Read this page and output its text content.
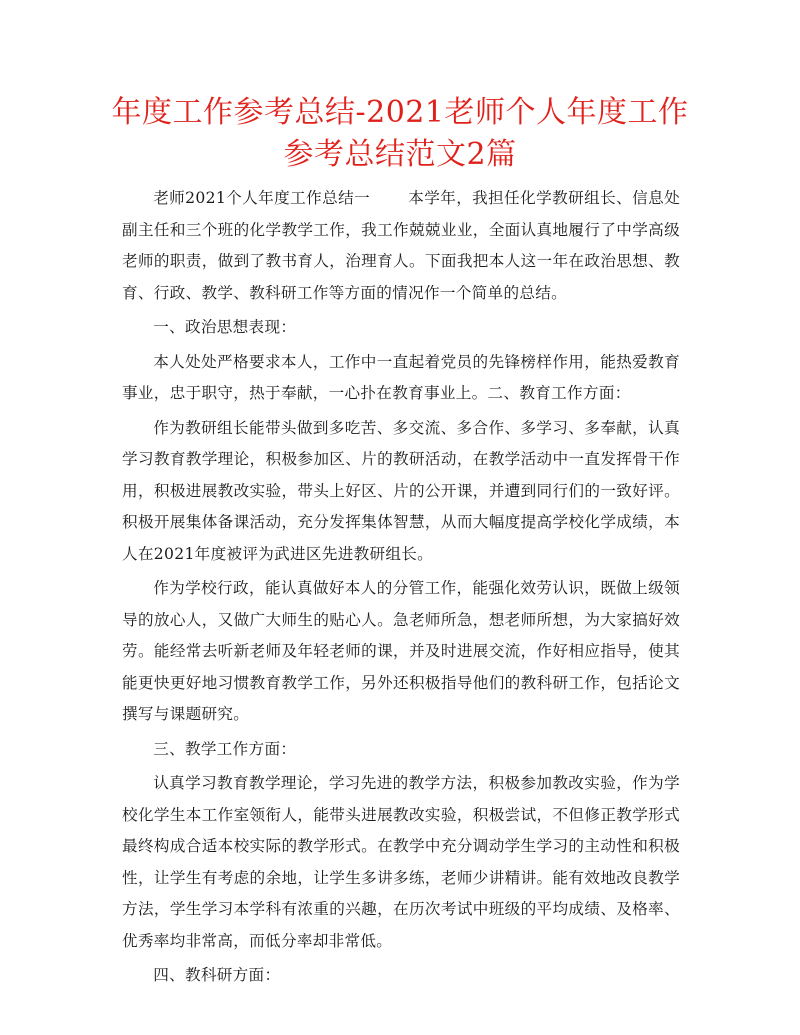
年度工作参考总结-2021老师个人年度工作参考总结范文2篇

老师2021个人年度工作总结一 本学年，我担任化学教研组长、信息处副主任和三个班的化学教学工作，我工作兢兢业业，全面认真地履行了中学高级老师的职责，做到了教书育人，治理育人。下面我把本人这一年在政治思想、教育、行政、教学、教科研工作等方面的情况作一个简单的总结。

一、政治思想表现：

本人处处严格要求本人，工作中一直起着党员的先锋榜样作用，能热爱教育事业，忠于职守，热于奉献，一心扑在教育事业上。二、教育工作方面：

作为教研组长能带头做到多吃苦、多交流、多合作、多学习、多奉献，认真学习教育教学理论，积极参加区、片的教研活动，在教学活动中一直发挥骨干作用，积极进展教改实验，带头上好区、片的公开课，并遭到同行们的一致好评。积极开展集体备课活动，充分发挥集体智慧，从而大幅度提高学校化学成绩，本人在2021年度被评为武进区先进教研组长。

作为学校行政，能认真做好本人的分管工作，能强化效劳认识，既做上级领导的放心人，又做广大师生的贴心人。急老师所急，想老师所想，为大家搞好效劳。能经常去听新老师及年轻老师的课，并及时进展交流，作好相应指导，使其能更快更好地习惯教育教学工作，另外还积极指导他们的教科研工作，包括论文撰写与课题研究。

三、教学工作方面：

认真学习教育教学理论，学习先进的教学方法，积极参加教改实验，作为学校化学生本工作室领衔人，能带头进展教改实验，积极尝试，不但修正教学形式最终构成合适本校实际的教学形式。在教学中充分调动学生学习的主动性和积极性，让学生有考虑的余地，让学生多讲多练，老师少讲精讲。能有效地改良教学方法，学生学习本学科有浓重的兴趣，在历次考试中班级的平均成绩、及格率、优秀率均非常高，而低分率却非常低。

四、教科研方面：
